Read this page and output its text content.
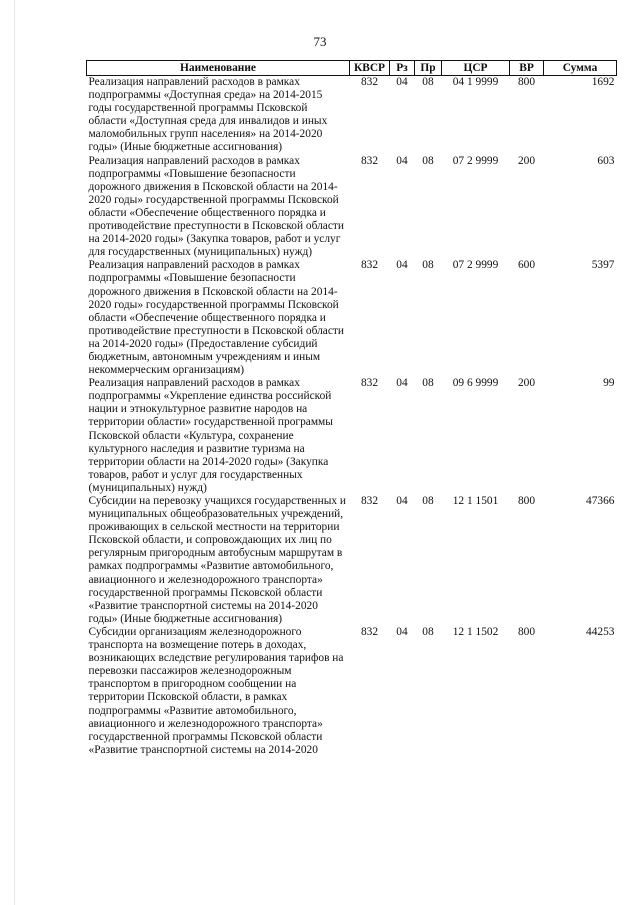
73
Наименование	КВСР	Рз	Пр	ЦСР	ВР	Сумма
Реализация направлений расходов в рамках подпрограммы «Доступная среда» на 2014-2015 годы государственной программы Псковской области «Доступная среда для инвалидов и иных маломобильных групп населения» на 2014-2020 годы» (Иные бюджетные ассигнования)	832	04	08	04 1 9999	800	1692
Реализация направлений расходов в рамках подпрограммы «Повышение безопасности дорожного движения в Псковской области на 2014-2020 годы» государственной программы Псковской области «Обеспечение общественного порядка и противодействие преступности в Псковской области на 2014-2020 годы» (Закупка товаров, работ и услуг для государственных (муниципальных) нужд)	832	04	08	07 2 9999	200	603
Реализация направлений расходов в рамках подпрограммы «Повышение безопасности дорожного движения в Псковской области на 2014-2020 годы» государственной программы Псковской области «Обеспечение общественного порядка и противодействие преступности в Псковской области на 2014-2020 годы» (Предоставление субсидий бюджетным, автономным учреждениям и иным некоммерческим организациям)	832	04	08	07 2 9999	600	5397
Реализация направлений расходов в рамках подпрограммы «Укрепление единства российской нации и этнокультурное развитие народов на территории области» государственной программы Псковской области «Культура, сохранение культурного наследия и развитие туризма на территории области на 2014-2020 годы» (Закупка товаров, работ и услуг для государственных (муниципальных) нужд)	832	04	08	09 6 9999	200	99
Субсидии на перевозку учащихся государственных и муниципальных общеобразовательных учреждений, проживающих в сельской местности на территории Псковской области, и сопровождающих их лиц по регулярным пригородным автобусным маршрутам в рамках подпрограммы «Развитие автомобильного, авиационного и железнодорожного транспорта» государственной программы Псковской области «Развитие транспортной системы на 2014-2020 годы» (Иные бюджетные ассигнования)	832	04	08	12 1 1501	800	47366
Субсидии организациям железнодорожного транспорта на возмещение потерь в доходах, возникающих вследствие регулирования тарифов на перевозки пассажиров железнодорожным транспортом в пригородном сообщении на территории Псковской области, в рамках подпрограммы «Развитие автомобильного, авиационного и железнодорожного транспорта» государственной программы Псковской области «Развитие транспортной системы на 2014-2020	832	04	08	12 1 1502	800	44253
